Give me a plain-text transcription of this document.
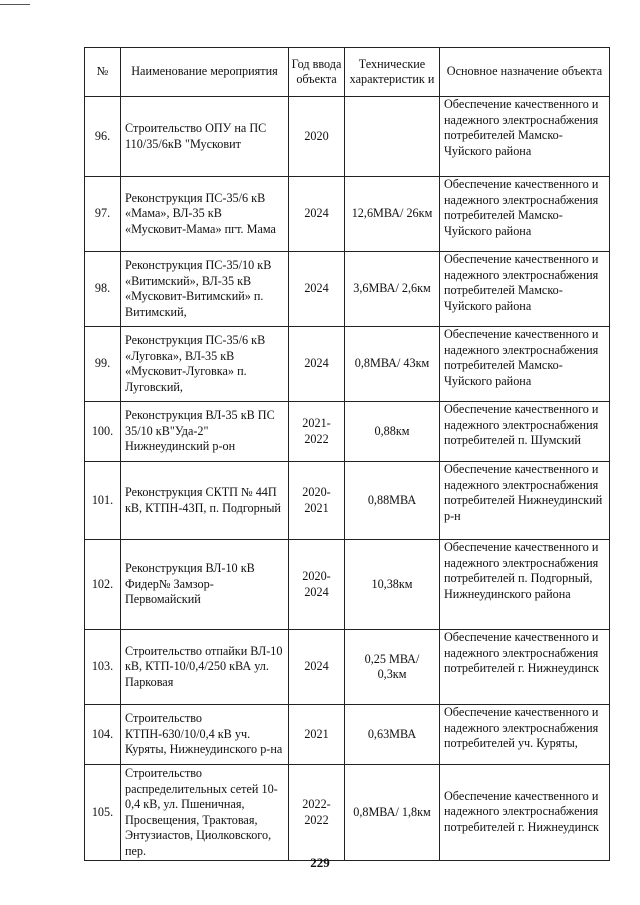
№	Наименование мероприятия	Год ввода объекта	Технические характеристик и	Основное назначение объекта
96.	Строительство ОПУ на ПС 110/35/6кВ "Мусковит	2020		Обеспечение качественного и надежного электроснабжения потребителей Мамско-Чуйского района
97.	Реконструкция ПС-35/6 кВ «Мама», ВЛ-35 кВ «Мусковит-Мама» пгт. Мама	2024	12,6МВА/ 26км	Обеспечение качественного и надежного электроснабжения потребителей Мамско-Чуйского района
98.	Реконструкция ПС-35/10 кВ «Витимский», ВЛ-35 кВ «Мусковит-Витимский» п. Витимский,	2024	3,6МВА/ 2,6км	Обеспечение качественного и надежного электроснабжения потребителей Мамско-Чуйского района
99.	Реконструкция ПС-35/6 кВ «Луговка», ВЛ-35 кВ «Мусковит-Луговка» п. Луговский,	2024	0,8МВА/ 43км	Обеспечение качественного и надежного электроснабжения потребителей Мамско-Чуйского района
100.	Реконструкция ВЛ-35 кВ ПС 35/10 кВ"Уда-2" Нижнеудинский р-он	2021-2022	0,88км	Обеспечение качественного и надежного электроснабжения потребителей п. Шумский
101.	Реконструкция СКТП № 44П кВ, КТПН-43П, п. Подгорный	2020-2021	0,88МВА	Обеспечение качественного и надежного электроснабжения потребителей Нижнеудинский р-н
102.	Реконструкция ВЛ-10 кВ Фидер№ Замзор-Первомайский	2020-2024	10,38км	Обеспечение качественного и надежного электроснабжения потребителей п. Подгорный, Нижнеудинского района
103.	Строительство отпайки ВЛ-10 кВ, КТП-10/0,4/250 кВА ул. Парковая	2024	0,25 МВА/ 0,3км	Обеспечение качественного и надежного электроснабжения потребителей г. Нижнеудинск
104.	Строительство КТПН-630/10/0,4 кВ уч. Куряты, Нижнеудинского р-на	2021	0,63МВА	Обеспечение качественного и надежного электроснабжения потребителей уч. Куряты,
105.	Строительство распределительных сетей 10-0,4 кВ, ул. Пшеничная, Просвещения, Трактовая, Энтузиастов, Циолковского, пер.	2022-2022	0,8МВА/ 1,8км	Обеспечение качественного и надежного электроснабжения потребителей г. Нижнеудинск
229
